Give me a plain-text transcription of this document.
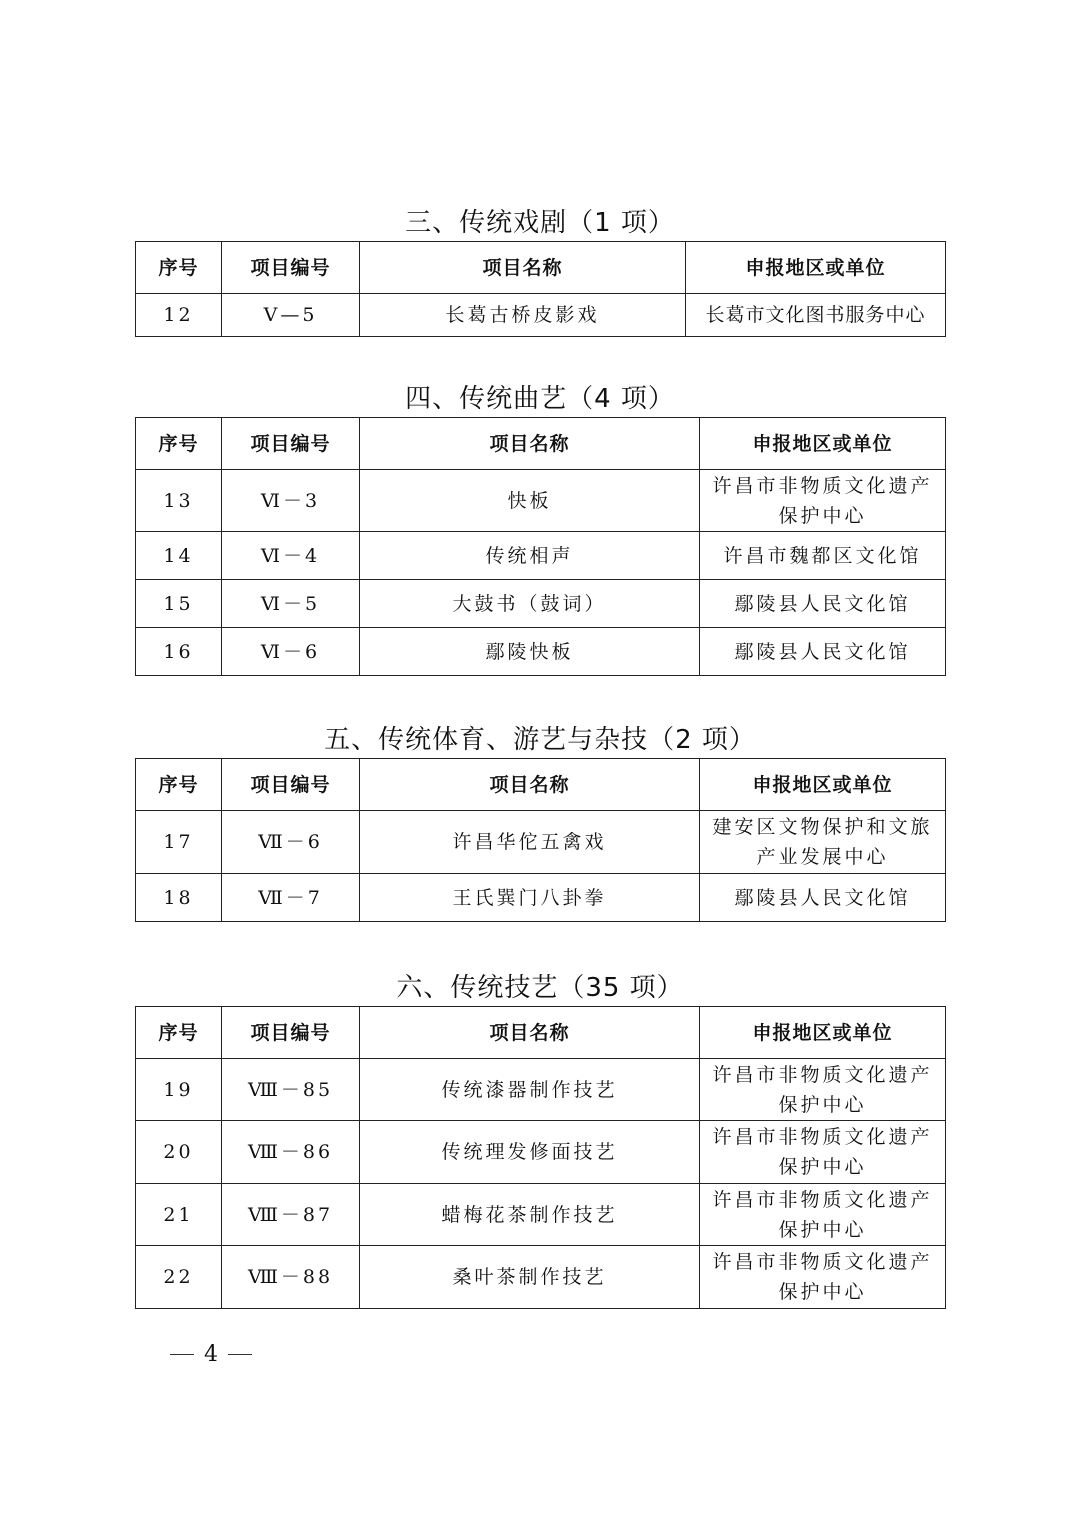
三、传统戏剧（1 项）
序号	项目编号	项目名称	申报地区或单位
12	Ⅴ—5	长葛古桥皮影戏	长葛市文化图书服务中心
四、传统曲艺（4 项）
序号	项目编号	项目名称	申报地区或单位
13	Ⅵ－3	快板	许昌市非物质文化遗产保护中心
14	Ⅵ－4	传统相声	许昌市魏都区文化馆
15	Ⅵ－5	大鼓书（鼓词）	鄢陵县人民文化馆
16	Ⅵ－6	鄢陵快板	鄢陵县人民文化馆
五、传统体育、游艺与杂技（2 项）
序号	项目编号	项目名称	申报地区或单位
17	Ⅶ－6	许昌华佗五禽戏	建安区文物保护和文旅产业发展中心
18	Ⅶ－7	王氏巽门八卦拳	鄢陵县人民文化馆
六、传统技艺（35 项）
序号	项目编号	项目名称	申报地区或单位
19	Ⅷ－85	传统漆器制作技艺	许昌市非物质文化遗产保护中心
20	Ⅷ－86	传统理发修面技艺	许昌市非物质文化遗产保护中心
21	Ⅷ－87	蜡梅花茶制作技艺	许昌市非物质文化遗产保护中心
22	Ⅷ－88	桑叶茶制作技艺	许昌市非物质文化遗产保护中心
4
